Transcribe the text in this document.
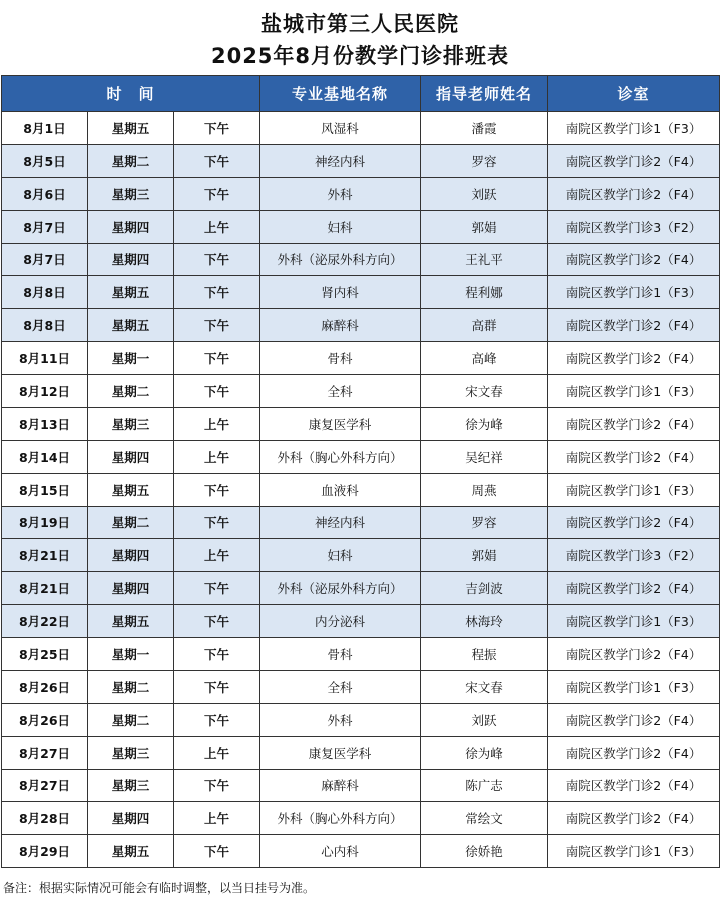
盐城市第三人民医院
2025年8月份教学门诊排班表
时　间			专业基地名称	指导老师姓名	诊室
8月1日	星期五	下午	风湿科	潘霞	南院区教学门诊1（F3）
8月5日	星期二	下午	神经内科	罗容	南院区教学门诊2（F4）
8月6日	星期三	下午	外科	刘跃	南院区教学门诊2（F4）
8月7日	星期四	上午	妇科	郭娟	南院区教学门诊3（F2）
8月7日	星期四	下午	外科（泌尿外科方向）	王礼平	南院区教学门诊2（F4）
8月8日	星期五	下午	肾内科	程利娜	南院区教学门诊1（F3）
8月8日	星期五	下午	麻醉科	高群	南院区教学门诊2（F4）
8月11日	星期一	下午	骨科	高峰	南院区教学门诊2（F4）
8月12日	星期二	下午	全科	宋文春	南院区教学门诊1（F3）
8月13日	星期三	上午	康复医学科	徐为峰	南院区教学门诊2（F4）
8月14日	星期四	上午	外科（胸心外科方向）	吴纪祥	南院区教学门诊2（F4）
8月15日	星期五	下午	血液科	周燕	南院区教学门诊1（F3）
8月19日	星期二	下午	神经内科	罗容	南院区教学门诊2（F4）
8月21日	星期四	上午	妇科	郭娟	南院区教学门诊3（F2）
8月21日	星期四	下午	外科（泌尿外科方向）	吉剑波	南院区教学门诊2（F4）
8月22日	星期五	下午	内分泌科	林海玲	南院区教学门诊1（F3）
8月25日	星期一	下午	骨科	程振	南院区教学门诊2（F4）
8月26日	星期二	下午	全科	宋文春	南院区教学门诊1（F3）
8月26日	星期二	下午	外科	刘跃	南院区教学门诊2（F4）
8月27日	星期三	上午	康复医学科	徐为峰	南院区教学门诊2（F4）
8月27日	星期三	下午	麻醉科	陈广志	南院区教学门诊2（F4）
8月28日	星期四	上午	外科（胸心外科方向）	常绘文	南院区教学门诊2（F4）
8月29日	星期五	下午	心内科	徐娇艳	南院区教学门诊1（F3）
备注：根据实际情况可能会有临时调整，以当日挂号为准。
